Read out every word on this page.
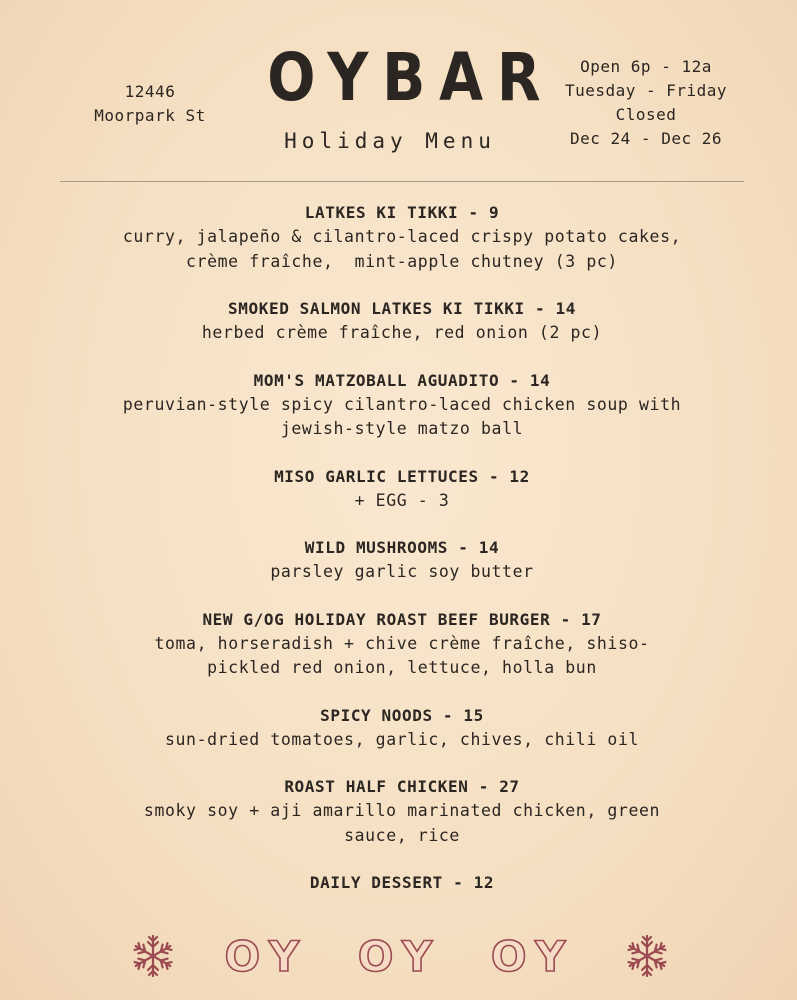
12446
Moorpark St OYBAR
Holiday Menu
Open 6p - 12a
Tuesday - Friday
Closed
Dec 24 - Dec 26
LATKES KI TIKKI - 9
curry, jalapeño & cilantro-laced crispy potato cakes,
crème fraîche,  mint-apple chutney (3 pc)
SMOKED SALMON LATKES KI TIKKI - 14
herbed crème fraîche, red onion (2 pc)
MOM'S MATZOBALL AGUADITO - 14
peruvian-style spicy cilantro-laced chicken soup with
jewish-style matzo ball
MISO GARLIC LETTUCES - 12
+ EGG - 3
WILD MUSHROOMS - 14
parsley garlic soy butter
NEW G/OG HOLIDAY ROAST BEEF BURGER - 17
toma, horseradish + chive crème fraîche, shiso-
pickled red onion, lettuce, holla bun
SPICY NOODS - 15
sun-dried tomatoes, garlic, chives, chili oil
ROAST HALF CHICKEN - 27
smoky soy + aji amarillo marinated chicken, green
sauce, rice
DAILY DESSERT - 12
OY OY OY
